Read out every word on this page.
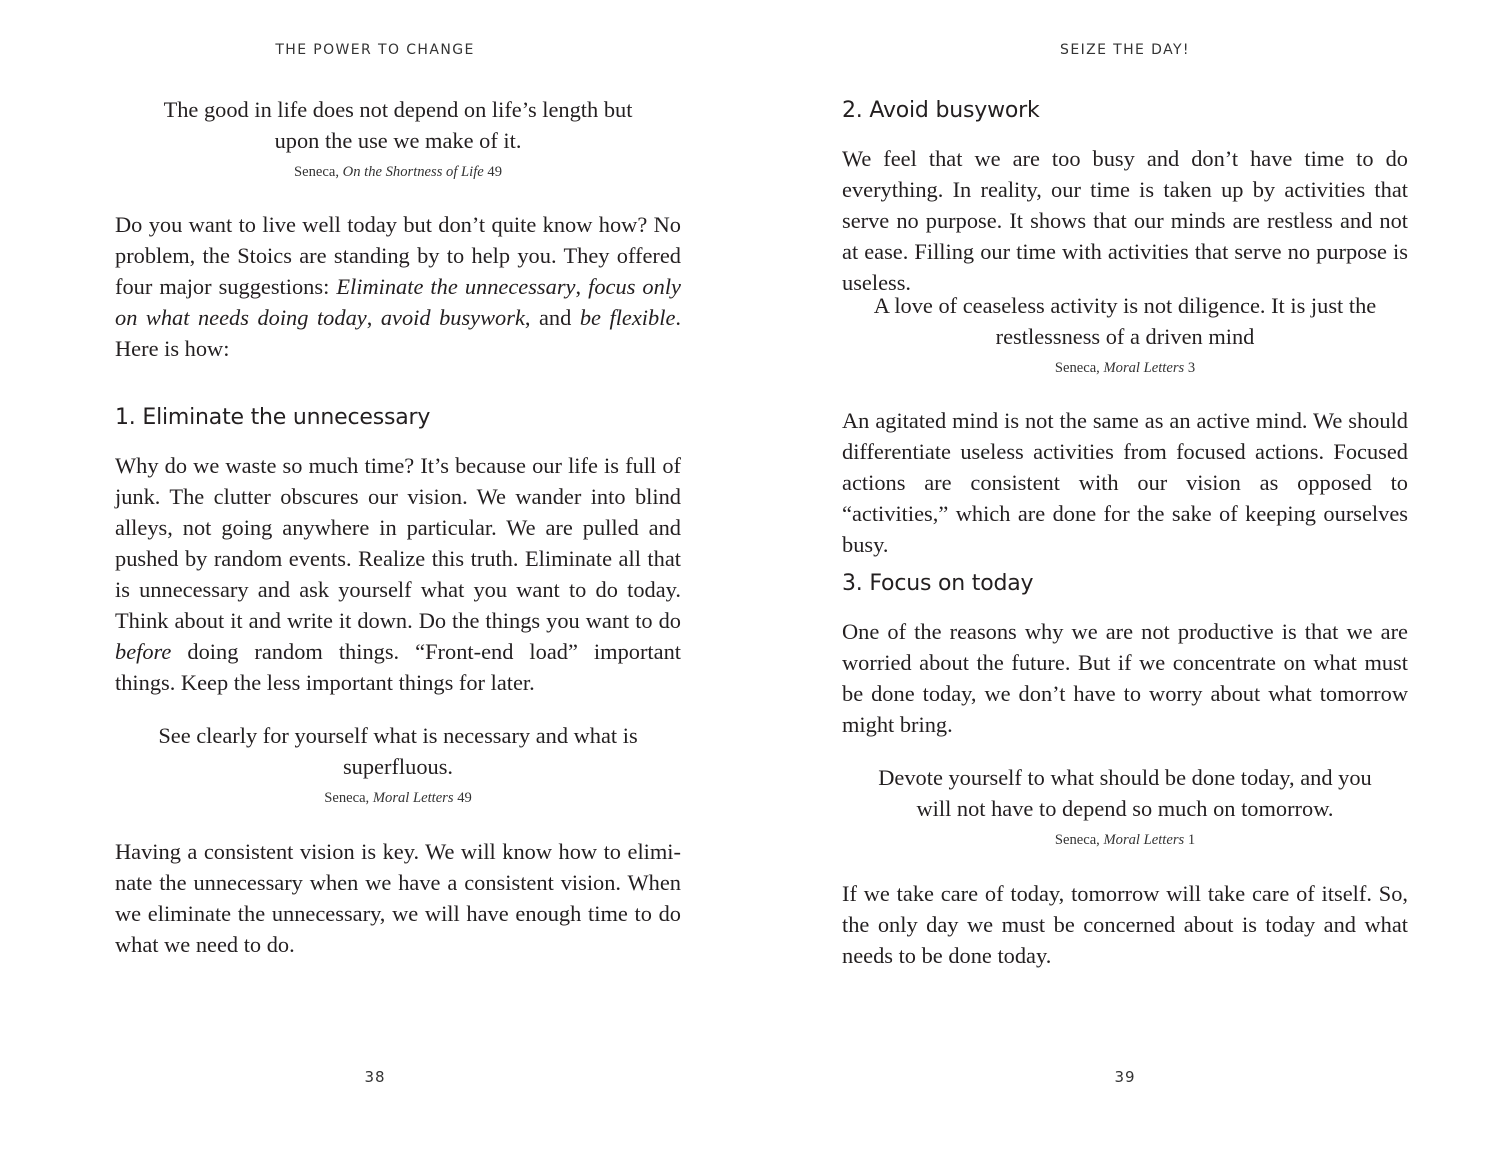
THE POWER TO CHANGE

The good in life does not depend on life’s length but upon the use we make of it.
Seneca, On the Shortness of Life 49

Do you want to live well today but don’t quite know how? No problem, the Stoics are standing by to help you. They offered four major suggestions: Eliminate the unnecessary, focus only on what needs doing today, avoid busywork, and be flexible. Here is how:

1. Eliminate the unnecessary

Why do we waste so much time? It’s because our life is full of junk. The clutter obscures our vision. We wander into blind alleys, not going anywhere in particular. We are pulled and pushed by random events. Realize this truth. Eliminate all that is unnecessary and ask yourself what you want to do today. Think about it and write it down. Do the things you want to do before doing random things. “Front-end load” important things. Keep the less important things for later.

See clearly for yourself what is necessary and what is superfluous.
Seneca, Moral Letters 49

Having a consistent vision is key. We will know how to eliminate the unnecessary when we have a consistent vision. When we eliminate the unnecessary, we will have enough time to do what we need to do.

38
SEIZE THE DAY!
2. Avoid busywork

We feel that we are too busy and don’t have time to do everything. In reality, our time is taken up by activities that serve no purpose. It shows that our minds are restless and not at ease. Filling our time with activities that serve no purpose is useless.

A love of ceaseless activity is not diligence. It is just the restlessness of a driven mind
Seneca, Moral Letters 3

An agitated mind is not the same as an active mind. We should differentiate useless activities from focused actions. Focused actions are consistent with our vision as opposed to “activities,” which are done for the sake of keeping ourselves busy.

3. Focus on today

One of the reasons why we are not productive is that we are worried about the future. But if we concentrate on what must be done today, we don’t have to worry about what tomorrow might bring.

Devote yourself to what should be done today, and you will not have to depend so much on tomorrow.
Seneca, Moral Letters 1

If we take care of today, tomorrow will take care of itself. So, the only day we must be concerned about is today and what needs to be done today.

39
